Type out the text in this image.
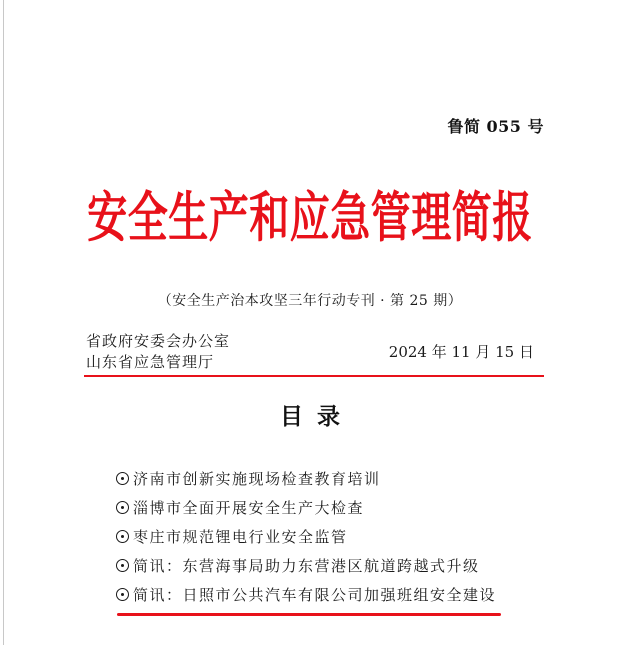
鲁简 055 号
安全生产和应急管理简报
（安全生产治本攻坚三年行动专刊 · 第 25 期）
省政府安委会办公室
山东省应急管理厅
2024 年 11 月 15 日
目录
济南市创新实施现场检查教育培训
淄博市全面开展安全生产大检查
枣庄市规范锂电行业安全监管
简讯：东营海事局助力东营港区航道跨越式升级
简讯：日照市公共汽车有限公司加强班组安全建设
